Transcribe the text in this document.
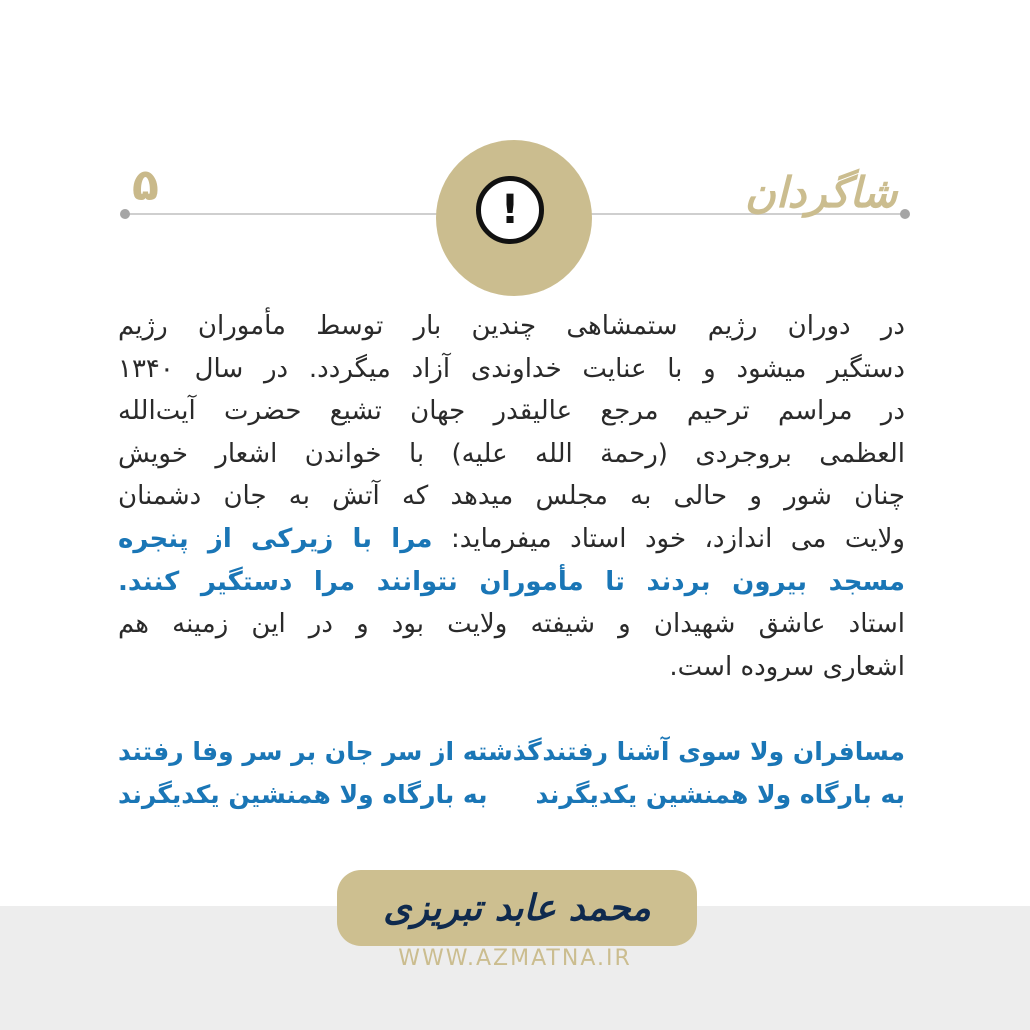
۵	شاگردان
!
در دوران رژیم ستمشاهی چندین بار توسط مأموران رژیم
دستگیر میشود و با عنایت خداوندی آزاد میگردد. در سال ۱۳۴۰
در مراسم ترحیم مرجع عالیقدر جهان تشیع حضرت آیت‌الله
العظمی بروجردی (رحمة الله علیه) با خواندن اشعار خویش
چنان شور و حالی به مجلس میدهد که آتش به جان دشمنان
ولایت می اندازد، خود استاد میفرماید: مرا با زیرکی از پنجره
مسجد بیرون بردند تا مأموران نتوانند مرا دستگیر کنند.
استاد عاشق شهیدان و شیفته ولایت بود و در این زمینه هم
اشعاری سروده است.
مسافران ولا سوی آشنا رفتند
گذشته از سر جان بر سر وفا رفتند
به بارگاه ولا همنشین یکدیگرند
به بارگاه ولا همنشین یکدیگرند
محمد عابد تبریزی
WWW.AZMATNA.IR
